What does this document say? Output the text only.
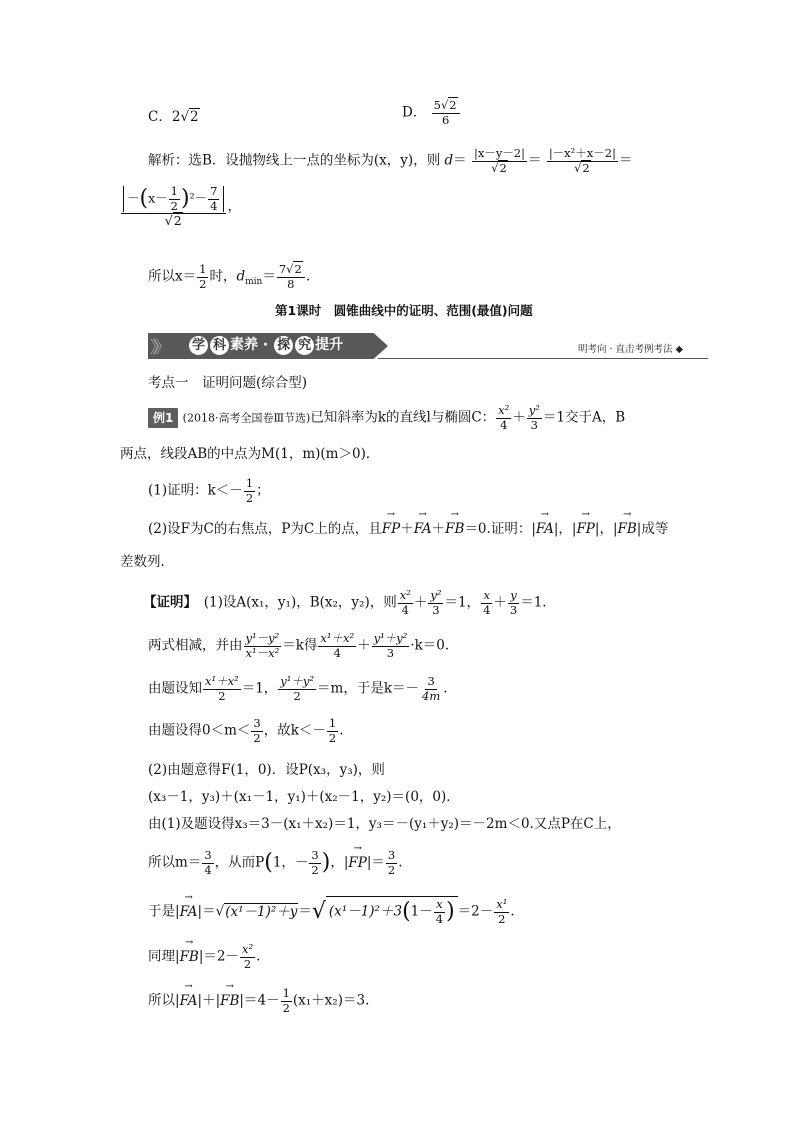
C．2√2	D． $\frac{5√2}{6}$
解析：选B．设抛物线上一点的坐标为(x，y)，则 $d= \frac{|x-y-2|}{√2} = \frac{\text{|－x²＋x－2|}}{√2}$ ＝
$\frac{-(x- \frac{1}{2} )^2- \frac{7}{4}}{√2}$ ，
所以$x= \frac{1}{2}$ 时，$d_{min}= \frac{7√2}{8}$ .
第1课时　圆锥曲线中的证明、范围(最值)问题
》》	学 科 素养 · 探 究 提升	明考向 · 直击考例考法 ◆
考点一　证明问题(综合型)
例1 (2018·高考全国卷Ⅲ节选)已知斜率为k的直线l与椭圆C： $\frac{\text{x²}}{4} + \frac{\text{y²}}{3} =1$交于A，B
两点，线段AB的中点为M(1，m)(m＞0)．
(1)证明：$k<- \frac{1}{2}$ ；
(2)设F为C的右焦点，P为C上的点，且→ FP＋→ FA＋→ FB＝0.证明：|→ FA|，|→ FP|，|→ FB|成等
差数列．
【证明】　(1)设A(x₁，y₁)，B(x₂，y₂)，则 $\frac{\text{x²}}{4} + \frac{\text{y²}}{3} =1$， $\frac{x}{4} + \frac{y}{3} =1$.
两式相减，并由 $\frac{\text{y¹－y²}}{\text{x¹－x²}} =k$得 $\frac{\text{x¹＋x²}}{4} + \frac{\text{y¹＋y²}}{3} \cdot k=0$.
由题设知 $\frac{\text{x¹＋x²}}{2} =1$， $\frac{\text{y¹＋y²}}{2} =m$，于是$k=- \frac{3}{4m}$ .
由题设得$0<m< \frac{3}{2}$ ，故$k<- \frac{1}{2}$ .
(2)由题意得F(1，0)．设P(x₃，y₃)，则
(x₃－1，y₃)＋(x₁－1，y₁)＋(x₂－1，y₂)＝(0，0)．
由(1)及题设得x₃＝3－(x₁＋x₂)＝1，y₃＝－(y₁＋y₂)＝－2m＜0.又点P在C上，
所以$m= \frac{3}{4}$ ，从而P(1，－ $\frac{3}{2}$ )，|→ $FP|= \frac{3}{2}$ .
于是|→ FA|＝√(x¹－1)²＋y＝√ $(x^1-1)^2+3(1- \frac{x}{4}$ ) $=2- \frac{\text{x¹}}{2}$ .
同理|→ $FB|=2- \frac{\text{x²}}{2}$ .
所以|→ $FA|+|\to FB|=4- \frac{1}{2} (x_1+x_2)=3$.
